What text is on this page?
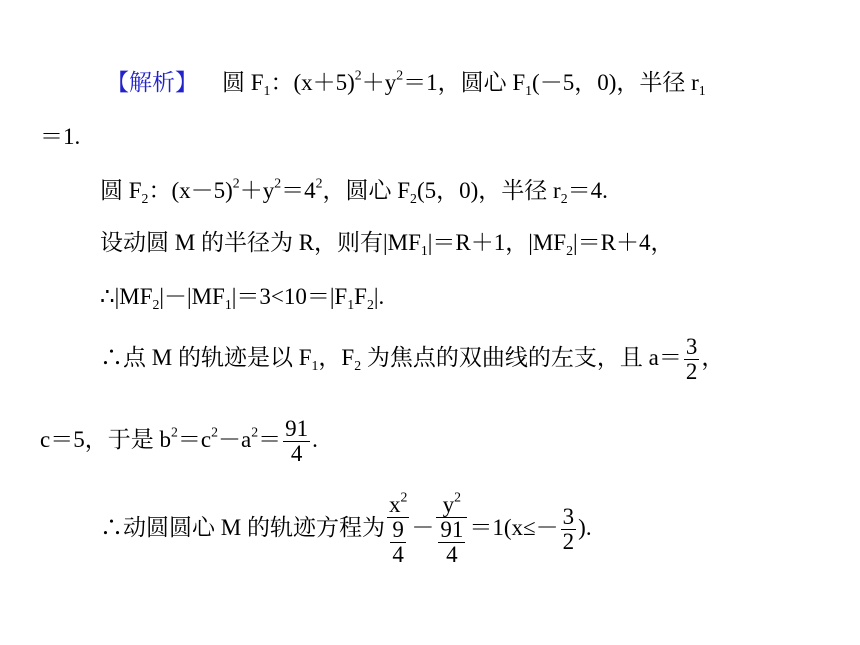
【解析】 圆 $F_1$：$(x+5)^2+y^2=1$，圆心 $F_1(-5$，0)，半径 $r_1$
＝1.
圆 $F_2$：$(x-5)^2+y^2=4^2$，圆心 $F_2(5$，0)，半径 $r_2=4$.
设动圆 M 的半径为 R，则有$|MF_1|=R+1$，$|MF_2|=R+4$，
$\therefore|MF_2|-|MF_1|=3<10=|F_1F_2|$.
∴点 M 的轨迹是以 $F_1$，$F_2$ 为焦点的双曲线的左支，且 $a= \frac{3}{2}$ ，
c＝5，于是 $b^2=c^2-a^2= \frac{91}{4}$ .
∴动圆圆心 M 的轨迹方程为 $\frac{x^2}{\frac{9}{4}} - \frac{y^2}{\frac{91}{4}} =1(x\le- \frac{3}{2}$ ).
